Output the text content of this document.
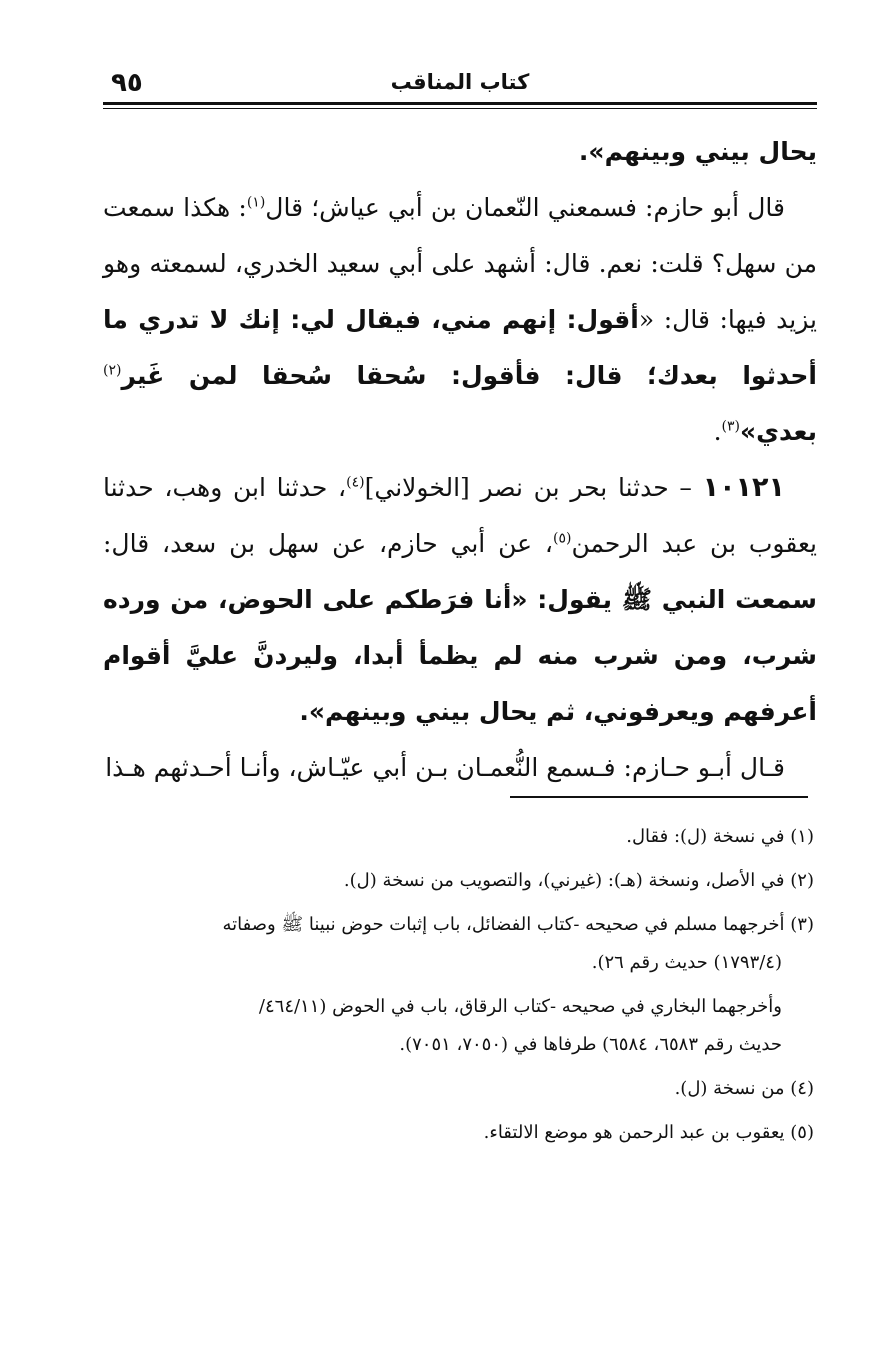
٩٥	كتاب المناقب

يحال بيني وبينهم».

قال أبو حازم: فسمعني النّعمان بن أبي عياش؛ قال$^{(١)}$: هكذا سمعت من سهل؟ قلت: نعم. قال: أشهد على أبي سعيد الخدري، لسمعته وهو يزيد فيها: قال: «أقول: إنهم مني، فيقال لي: إنك لا تدري ما أحدثوا بعدك؛ قال: فأقول: سُحقا سُحقا لمن غَير$^{(٢)}$ بعدي»$^{(٣)}$.

١٠١٢١ – حدثنا بحر بن نصر [الخولاني]$^{(٤)}$، حدثنا ابن وهب، حدثنا يعقوب بن عبد الرحمن$^{(٥)}$، عن أبي حازم، عن سهل بن سعد، قال: سمعت النبي ﷺ يقول: «أنا فرَطكم على الحوض، من ورده شرب، ومن شرب منه لم يظمأ أبدا، وليردنَّ عليَّ أقوام أعرفهم ويعرفوني، ثم يحال بيني وبينهم».

قـال أبـو حـازم: فـسمع النُّعمـان بـن أبي عيّـاش، وأنـا أحـدثهم هـذا

(١) في نسخة (ل): فقال.

(٢) في الأصل، ونسخة (هـ): (غيرني)، والتصويب من نسخة (ل).

(٣) أخرجهما مسلم في صحيحه -كتاب الفضائل، باب إثبات حوض نبينا ﷺ وصفاته
(١٧٩٣/٤) حديث رقم ٢٦).

وأخرجهما البخاري في صحيحه -كتاب الرقاق، باب في الحوض (٤٦٤/١١/
حديث رقم ٦٥٨٣، ٦٥٨٤) طرفاها في (٧٠٥٠، ٧٠٥١).

(٤) من نسخة (ل).

(٥) يعقوب بن عبد الرحمن هو موضع الالتقاء.
